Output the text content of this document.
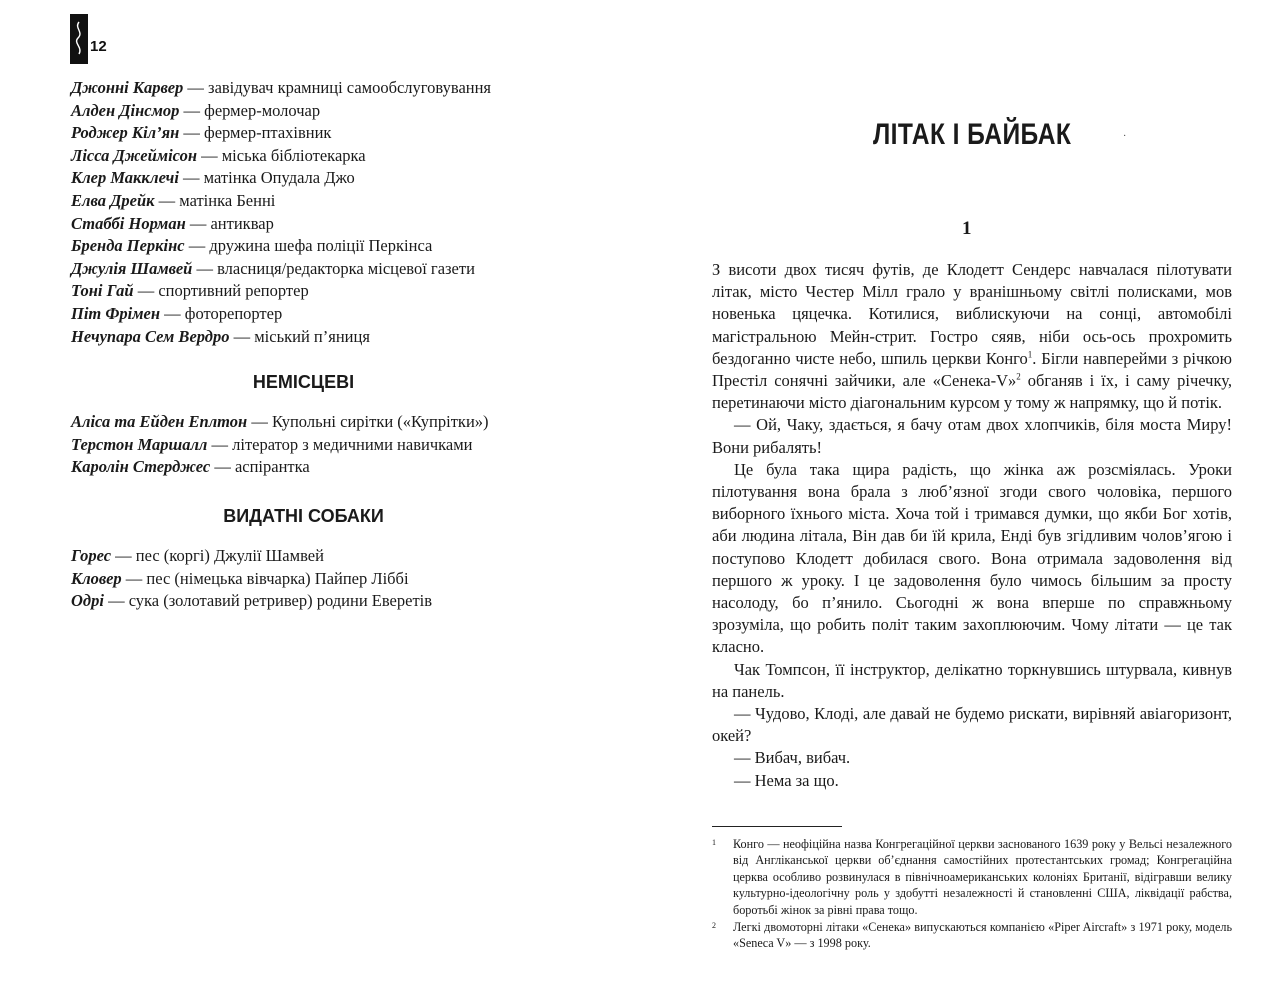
12
Джонні Карвер — завідувач крамниці самообслуговування
Алден Дінсмор — фермер-молочар
Роджер Кіл’ян — фермер-птахівник
Лісса Джеймісон — міська бібліотекарка
Клер Макклечі — матінка Опудала Джо
Елва Дрейк — матінка Бенні
Стаббі Норман — антиквар
Бренда Перкінс — дружина шефа поліції Перкінса
Джулія Шамвей — власниця/редакторка місцевої газети
Тоні Гай — спортивний репортер
Піт Фрімен — фоторепортер
Нечупара Сем Вердро — міський п’яниця
НЕМІСЦЕВІ
Аліса та Ейден Еплтон — Купольні сирітки («Купрітки»)
Терстон Маршалл — літератор з медичними навичками
Каролін Стерджес — аспірантка
ВИДАТНІ СОБАКИ
Горес — пес (коргі) Джулії Шамвей
Кловер — пес (німецька вівчарка) Пайпер Ліббі
Одрі — сука (золотавий ретривер) родини Еверетів
ЛІТАК І БАЙБАК	·
1

З висоти двох тисяч футів, де Клодетт Сендерс навчалася пілотувати літак, місто Честер Мілл грало у вранішньому світлі полисками, мов новенька цяцечка. Котилися, виблискуючи на сонці, автомобілі магістральною Мейн-стрит. Гостро сяяв, ніби ось-ось прохромить бездоганно чисте небо, шпиль церкви Конго$^1$. Бігли навперейми з річкою Престіл сонячні зайчики, але «Сенека-V»$^2$ обганяв і їх, і саму річечку, перетинаючи місто діагональним курсом у тому ж напрямку, що й потік.

— Ой, Чаку, здається, я бачу отам двох хлопчиків, біля моста Миру! Вони рибалять!

Це була така щира радість, що жінка аж розсміялась. Уроки пілотування вона брала з люб’язної згоди свого чоловіка, першого виборного їхнього міста. Хоча той і тримався думки, що якби Бог хотів, аби людина літала, Він дав би їй крила, Енді був згідливим чолов’ягою і поступово Клодетт добилася свого. Вона отримала задоволення від першого ж уроку. І це задоволення було чимось більшим за просту насолоду, бо п’янило. Сьогодні ж вона вперше по справжньому зрозуміла, що робить політ таким захоплюючим. Чому літати — це так класно.

Чак Томпсон, її інструктор, делікатно торкнувшись штурвала, кивнув на панель.

— Чудово, Клоді, але давай не будемо рискати, вирівняй авіагоризонт, окей?

— Вибач, вибач.

— Нема за що.

1	Конго — неофіційна назва Конгрегаційної церкви заснованого 1639 року у Вельсі незалежного від Англіканської церкви об’єднання самостійних протестантських громад; Конгрегаційна церква особливо розвинулася в північноамериканських колоніях Британії, відігравши велику культурно-ідеологічну роль у здобутті незалежності й становленні США, ліквідації рабства, боротьбі жінок за рівні права тощо.
2	Легкі двомоторні літаки «Сенека» випускаються компанією «Piper Aircraft» з 1971 року, модель «Seneca V» — з 1998 року.
